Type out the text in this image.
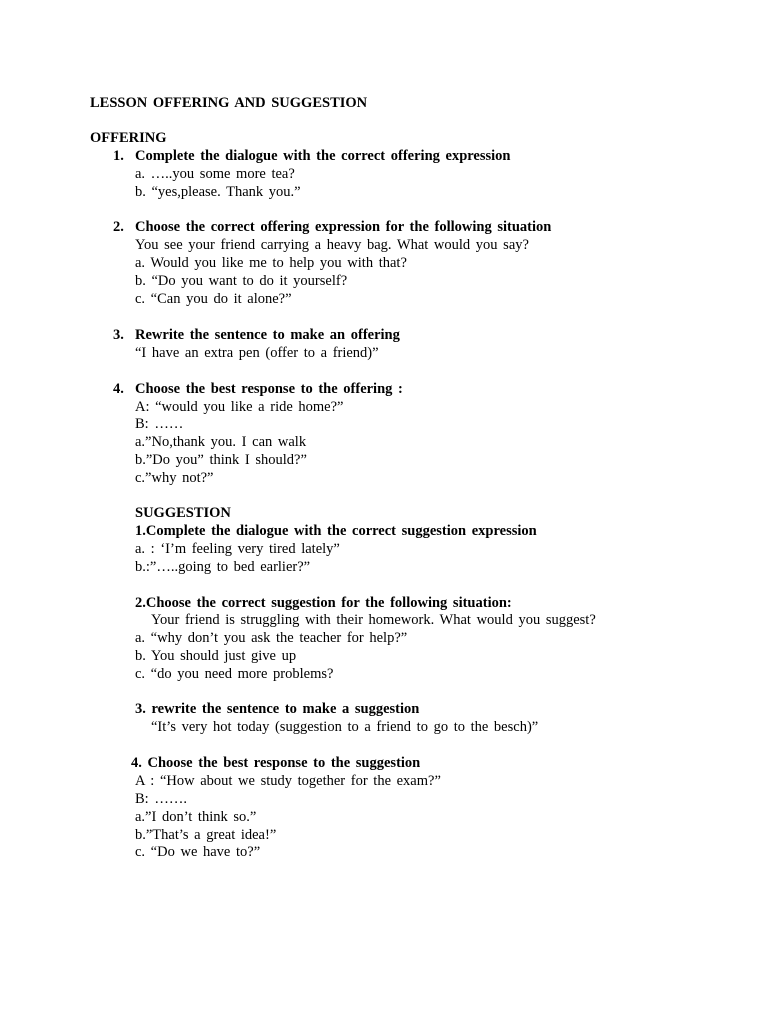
LESSON OFFERING AND SUGGESTION
OFFERING
1. Complete the dialogue with the correct offering expression
a. …..you some more tea?
b. “yes,please. Thank you.”
2. Choose the correct offering expression for the following situation
You see your friend carrying a heavy bag. What would you say?
a. Would you like me to help you with that?
b. “Do you want to do it yourself?
c. “Can you do it alone?”
3. Rewrite the sentence to make an offering
“I have an extra pen (offer to a friend)”
4. Choose the best response to the offering :
A: “would you like a ride home?”
B: ……
a.”No,thank you. I can walk
b.”Do you” think I should?”
c.”why not?”
SUGGESTION
1.Complete the dialogue with the correct suggestion expression
a. : ‘I’m feeling very tired lately”
b.:”…..going to bed earlier?”
2.Choose the correct suggestion for the following situation:
Your friend is struggling with their homework. What would you suggest?
a. “why don’t you ask the teacher for help?”
b. You should just give up
c. “do you need more problems?
3. rewrite the sentence to make a suggestion
“It’s very hot today (suggestion to a friend to go to the besch)”
4. Choose the best response to the suggestion
A : “How about we study together for the exam?”
B: …….
a.”I don’t think so.”
b.”That’s a great idea!”
c. “Do we have to?”
